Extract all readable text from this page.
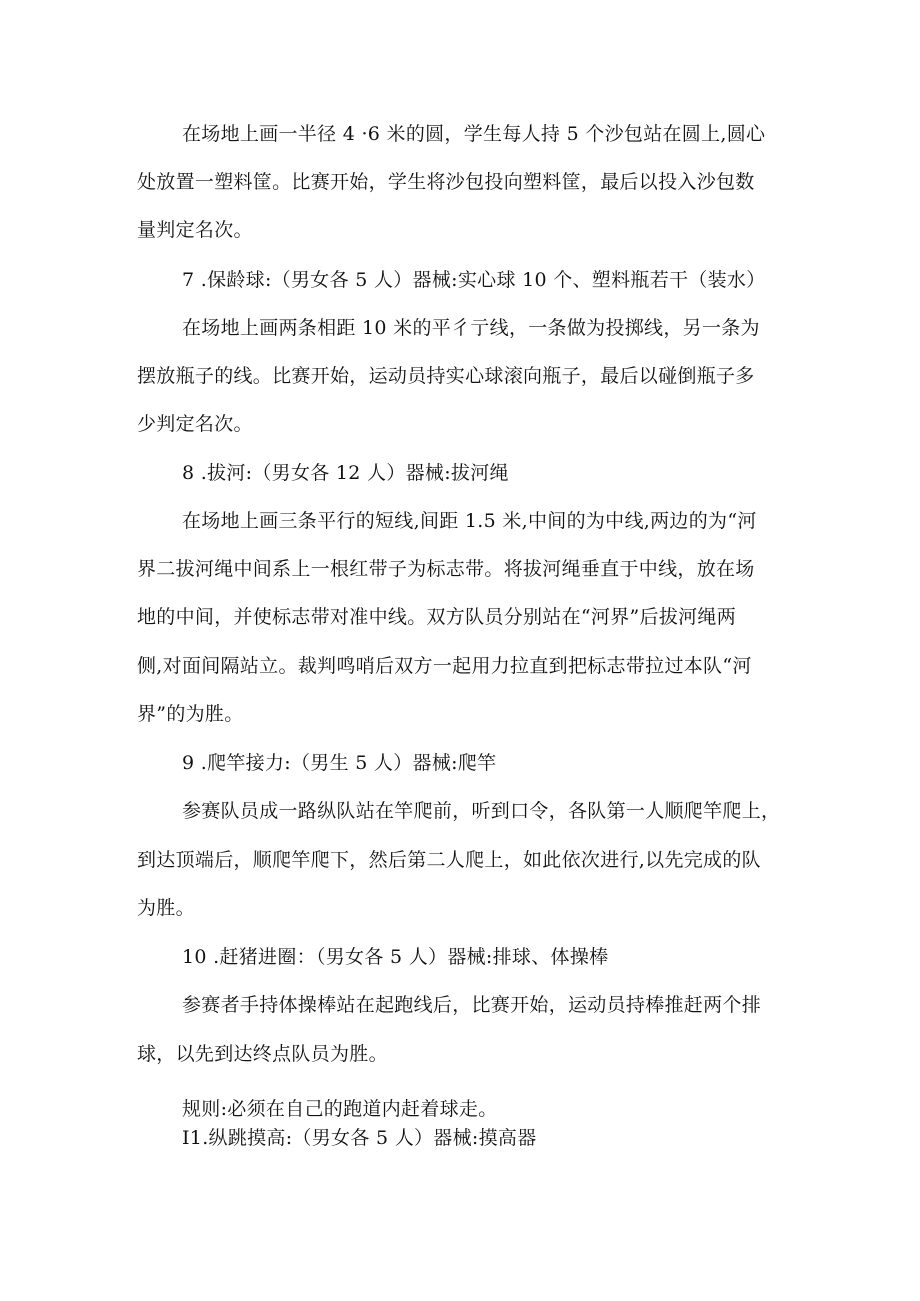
在场地上画一半径 4 ·6 米的圆，学生每人持 5 个沙包站在圆上,圆心
处放置一塑料筐。比赛开始，学生将沙包投向塑料筐，最后以投入沙包数
量判定名次。
7 .保龄球:（男女各 5 人）器械:实心球 10 个、塑料瓶若干（装水）
在场地上画两条相距 10 米的平彳亍线，一条做为投掷线，另一条为
摆放瓶子的线。比赛开始，运动员持实心球滚向瓶子，最后以碰倒瓶子多
少判定名次。
8 .拔河:（男女各 12 人）器械:拔河绳
在场地上画三条平行的短线,间距 1.5 米,中间的为中线,两边的为“河
界二拔河绳中间系上一根红带子为标志带。将拔河绳垂直于中线，放在场
地的中间，并使标志带对准中线。双方队员分别站在“河界”后拔河绳两
侧,对面间隔站立。裁判鸣哨后双方一起用力拉直到把标志带拉过本队“河
界”的为胜。
9 .爬竿接力:（男生 5 人）器械:爬竿
参赛队员成一路纵队站在竿爬前，听到口令，各队第一人顺爬竿爬上，
到达顶端后，顺爬竿爬下，然后第二人爬上，如此依次进行,以先完成的队
为胜。
10 .赶猪进圈：（男女各 5 人）器械:排球、体操棒
参赛者手持体操棒站在起跑线后，比赛开始，运动员持棒推赶两个排
球，以先到达终点队员为胜。
规则:必须在自己的跑道内赶着球走。
I1.纵跳摸高:（男女各 5 人）器械:摸高器
